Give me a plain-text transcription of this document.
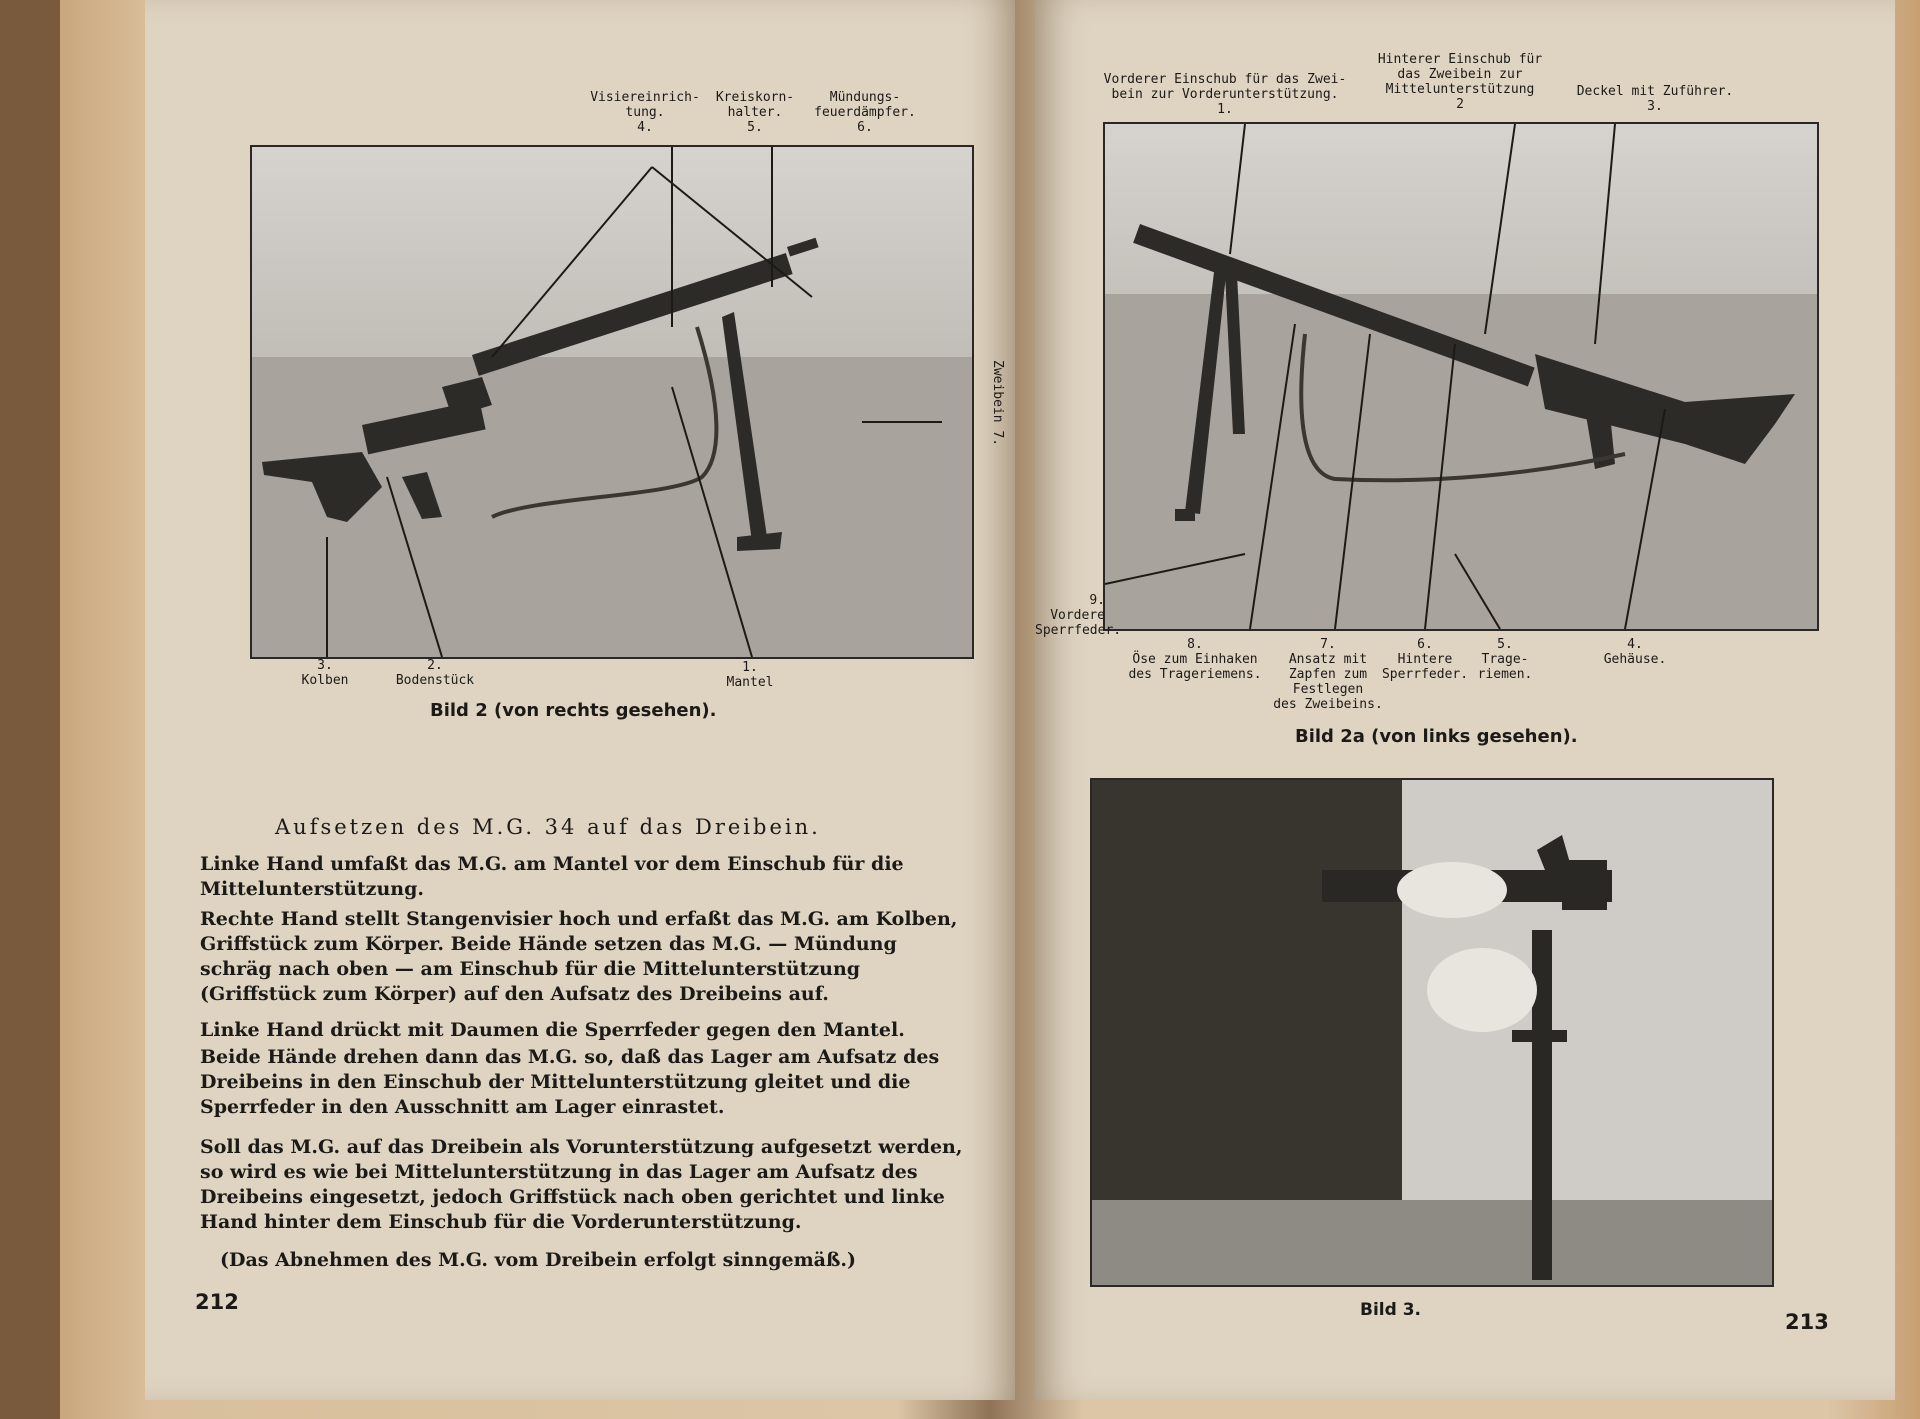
Visiereinrich-
tung.
4.
Kreiskorn-
halter.
5.
Mündungs-
feuerdämpfer.
6.
Zweibein 7.
3.
Kolben
2.
Bodenstück
1.
Mantel
Bild 2 (von rechts gesehen).
Aufsetzen des M.G. 34 auf das Dreibein.
Linke Hand umfaßt das M.G. am Mantel vor dem Einschub für die Mittelunterstützung.
Rechte Hand stellt Stangenvisier hoch und erfaßt das M.G. am Kolben, Griffstück zum Körper. Beide Hände setzen das M.G. — Mündung schräg nach oben — am Einschub für die Mittelunterstützung (Griffstück zum Körper) auf den Aufsatz des Dreibeins auf.
Linke Hand drückt mit Daumen die Sperrfeder gegen den Mantel.
Beide Hände drehen dann das M.G. so, daß das Lager am Aufsatz des Dreibeins in den Einschub der Mittelunterstützung gleitet und die Sperrfeder in den Ausschnitt am Lager einrastet.
Soll das M.G. auf das Dreibein als Vorunterstützung aufgesetzt werden, so wird es wie bei Mittelunterstützung in das Lager am Aufsatz des Dreibeins eingesetzt, jedoch Griffstück nach oben gerichtet und linke Hand hinter dem Einschub für die Vorderunterstützung.
(Das Abnehmen des M.G. vom Dreibein erfolgt sinngemäß.)
212
Vorderer Einschub für das Zwei-
bein zur Vorderunterstützung.
1.
Hinterer Einschub für
das Zweibein zur
Mittelunterstützung
2
Deckel mit Zuführer.
3.
9.
Vordere
Sperrfeder.
8.
Öse zum Einhaken
des Trageriemens.
7.
Ansatz mit
Zapfen zum
Festlegen
des Zweibeins.
6.
Hintere
Sperrfeder.
5.
Trage-
riemen.
4.
Gehäuse.
Bild 2a (von links gesehen).
Bild 3.	213
